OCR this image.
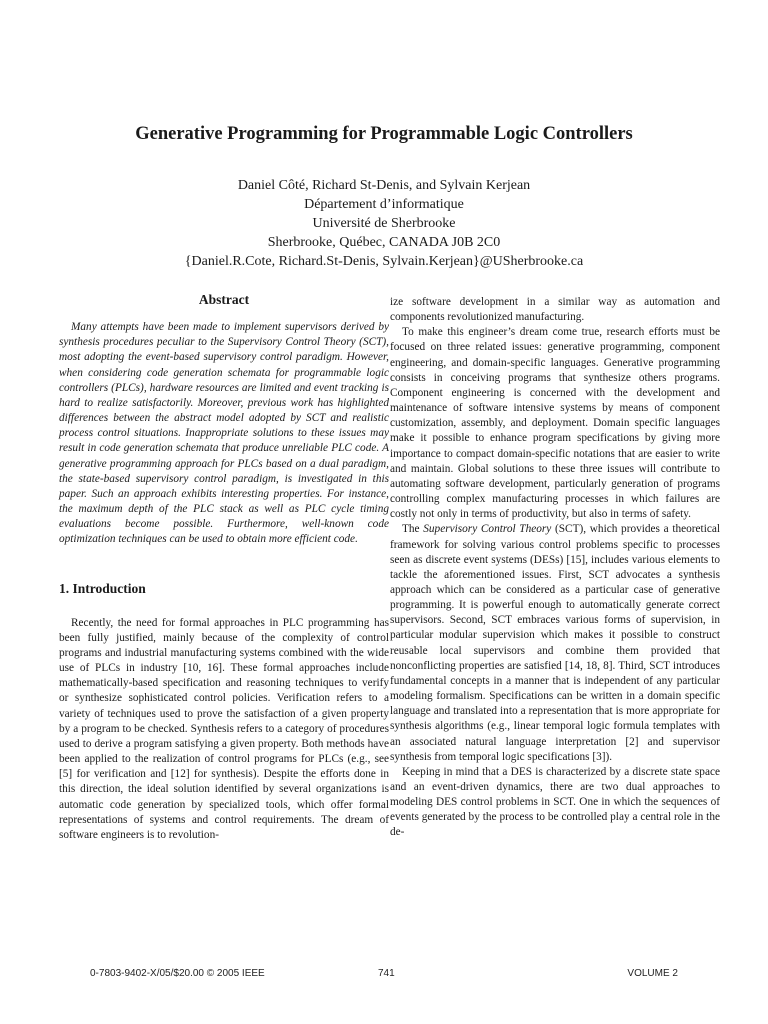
Generative Programming for Programmable Logic Controllers
Daniel Côté, Richard St-Denis, and Sylvain Kerjean
Département d’informatique
Université de Sherbrooke
Sherbrooke, Québec, CANADA J0B 2C0
{Daniel.R.Cote, Richard.St-Denis, Sylvain.Kerjean}@USherbrooke.ca
Abstract

Many attempts have been made to implement supervisors derived by synthesis procedures peculiar to the Supervisory Control Theory (SCT), most adopting the event-based supervisory control paradigm. However, when considering code generation schemata for programmable logic controllers (PLCs), hardware resources are limited and event tracking is hard to realize satisfactorily. Moreover, previous work has highlighted differences between the abstract model adopted by SCT and realistic process control situations. Inappropriate solutions to these issues may result in code generation schemata that produce unreliable PLC code. A generative programming approach for PLCs based on a dual paradigm, the state-based supervisory control paradigm, is investigated in this paper. Such an approach exhibits interesting properties. For instance, the maximum depth of the PLC stack as well as PLC cycle timing evaluations become possible. Furthermore, well-known code optimization techniques can be used to obtain more efficient code.

1. Introduction

Recently, the need for formal approaches in PLC programming has been fully justified, mainly because of the complexity of control programs and industrial manufacturing systems combined with the wide use of PLCs in industry [10, 16]. These formal approaches include mathematically-based specification and reasoning techniques to verify or synthesize sophisticated control policies. Verification refers to a variety of techniques used to prove the satisfaction of a given property by a program to be checked. Synthesis refers to a category of procedures used to derive a program satisfying a given property. Both methods have been applied to the realization of control programs for PLCs (e.g., see [5] for verification and [12] for synthesis). Despite the efforts done in this direction, the ideal solution identified by several organizations is automatic code generation by specialized tools, which offer formal representations of systems and control requirements. The dream of software engineers is to revolution-

ize software development in a similar way as automation and components revolutionized manufacturing.

To make this engineer’s dream come true, research efforts must be focused on three related issues: generative programming, component engineering, and domain-specific languages. Generative programming consists in conceiving programs that synthesize others programs. Component engineering is concerned with the development and maintenance of software intensive systems by means of component customization, assembly, and deployment. Domain specific languages make it possible to enhance program specifications by giving more importance to compact domain-specific notations that are easier to write and maintain. Global solutions to these three issues will contribute to automating software development, particularly generation of programs controlling complex manufacturing processes in which failures are costly not only in terms of productivity, but also in terms of safety.

The Supervisory Control Theory (SCT), which provides a theoretical framework for solving various control problems specific to processes seen as discrete event systems (DESs) [15], includes various elements to tackle the aforementioned issues. First, SCT advocates a synthesis approach which can be considered as a particular case of generative programming. It is powerful enough to automatically generate correct supervisors. Second, SCT embraces various forms of supervision, in particular modular supervision which makes it possible to construct reusable local supervisors and combine them provided that nonconflicting properties are satisfied [14, 18, 8]. Third, SCT introduces fundamental concepts in a manner that is independent of any particular modeling formalism. Specifications can be written in a domain specific language and translated into a representation that is more appropriate for synthesis algorithms (e.g., linear temporal logic formula templates with an associated natural language interpretation [2] and supervisor synthesis from temporal logic specifications [3]).

Keeping in mind that a DES is characterized by a discrete state space and an event-driven dynamics, there are two dual approaches to modeling DES control problems in SCT. One in which the sequences of events generated by the process to be controlled play a central role in the de-

0-7803-9402-X/05/$20.00 © 2005 IEEE	741	VOLUME 2
